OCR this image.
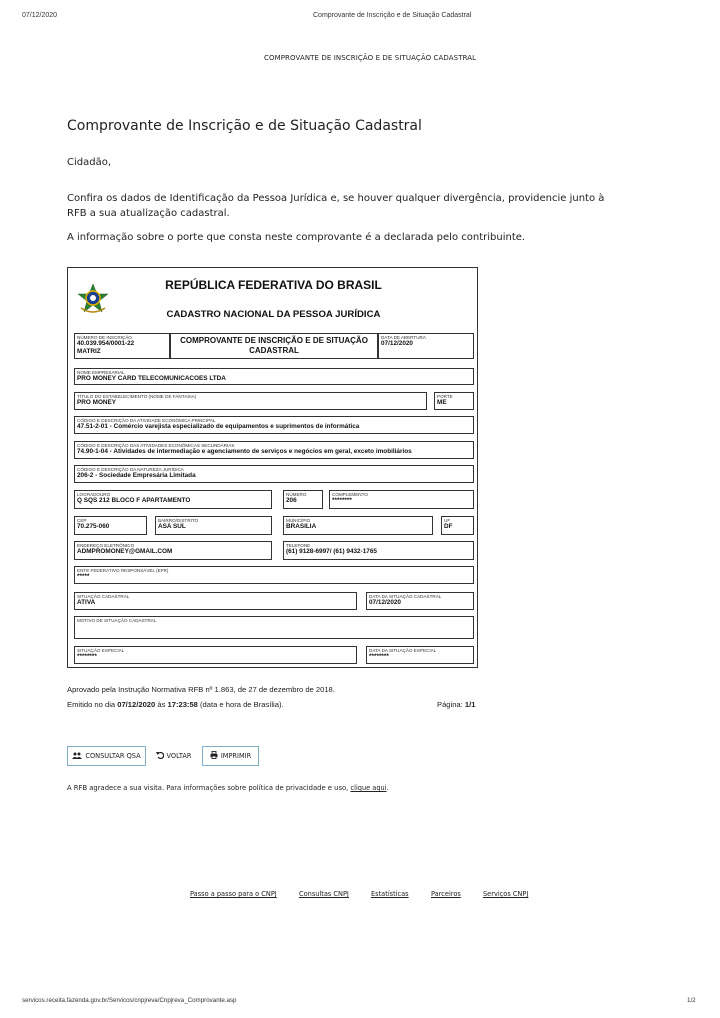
07/12/2020	Comprovante de Inscrição e de Situação Cadastral
COMPROVANTE DE INSCRIÇÃO E DE SITUAÇÃO CADASTRAL
Comprovante de Inscrição e de Situação Cadastral
Cidadão,
Confira os dados de Identificação da Pessoa Jurídica e, se houver qualquer divergência, providencie junto à RFB a sua atualização cadastral.
A informação sobre o porte que consta neste comprovante é a declarada pelo contribuinte.
REPÚBLICA FEDERATIVA DO BRASIL
CADASTRO NACIONAL DA PESSOA JURÍDICA
NÚMERO DE INSCRIÇÃO
40.039.954/0001-22
MATRIZ
COMPROVANTE DE INSCRIÇÃO E DE SITUAÇÃO CADASTRAL
DATA DE ABERTURA
07/12/2020
NOME EMPRESARIAL
PRO MONEY CARD TELECOMUNICACOES LTDA
TÍTULO DO ESTABELECIMENTO (NOME DE FANTASIA)
PRO MONEY
PORTE
ME
CÓDIGO E DESCRIÇÃO DA ATIVIDADE ECONÔMICA PRINCIPAL
47.51-2-01 - Comércio varejista especializado de equipamentos e suprimentos de informática
CÓDIGO E DESCRIÇÃO DAS ATIVIDADES ECONÔMICAS SECUNDÁRIAS
74.90-1-04 - Atividades de intermediação e agenciamento de serviços e negócios em geral, exceto imobiliários
CÓDIGO E DESCRIÇÃO DA NATUREZA JURÍDICA
206-2 - Sociedade Empresária Limitada
LOGRADOURO
Q SQS 212 BLOCO F APARTAMENTO
NÚMERO
206
COMPLEMENTO
********
CEP
70.275-060
BAIRRO/DISTRITO
ASA SUL
MUNICÍPIO
BRASILIA
UF
DF
ENDEREÇO ELETRÔNICO
ADMPROMONEY@GMAIL.COM
TELEFONE
(61) 9128-6997/ (61) 9432-1765
ENTE FEDERATIVO RESPONSÁVEL (EFR)
*****
SITUAÇÃO CADASTRAL
ATIVA
DATA DA SITUAÇÃO CADASTRAL
07/12/2020
MOTIVO DE SITUAÇÃO CADASTRAL
SITUAÇÃO ESPECIAL
********
DATA DA SITUAÇÃO ESPECIAL
********
Aprovado pela Instrução Normativa RFB nº 1.863, de 27 de dezembro de 2018.
Emitido no dia 07/12/2020 às 17:23:58 (data e hora de Brasília).	Página: 1/1
CONSULTAR QSA	VOLTAR	IMPRIMIR
A RFB agradece a sua visita. Para informações sobre política de privacidade e uso, clique aqui.
Passo a passo para o CNPJ	Consultas CNPJ	Estatísticas	Parceiros	Serviços CNPJ
servicos.receita.fazenda.gov.br/Servicos/cnpjreva/Cnpjreva_Comprovante.asp	1/2
